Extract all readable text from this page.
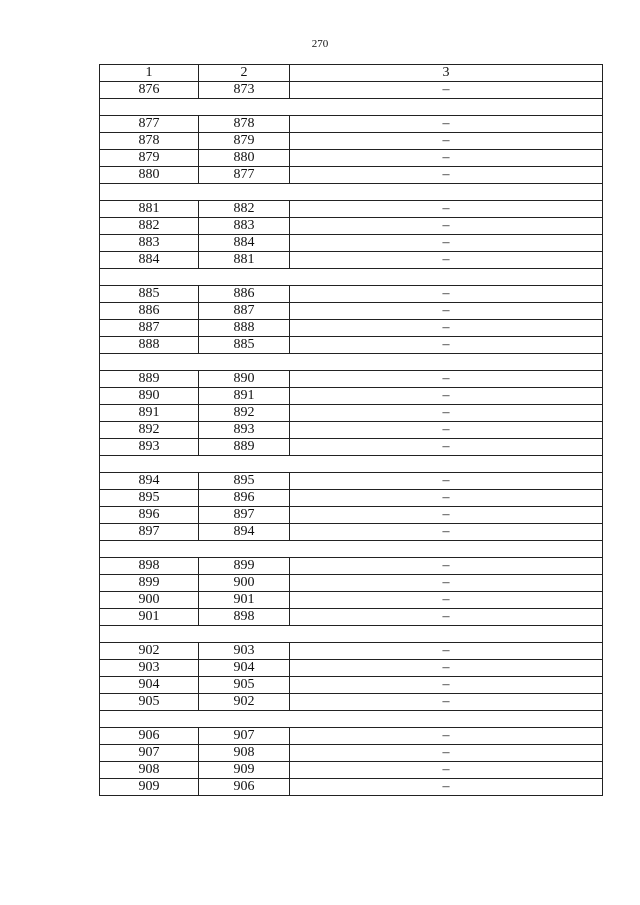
270
1	2	3
876	873	–

877	878	–
878	879	–
879	880	–
880	877	–

881	882	–
882	883	–
883	884	–
884	881	–

885	886	–
886	887	–
887	888	–
888	885	–

889	890	–
890	891	–
891	892	–
892	893	–
893	889	–

894	895	–
895	896	–
896	897	–
897	894	–

898	899	–
899	900	–
900	901	–
901	898	–

902	903	–
903	904	–
904	905	–
905	902	–

906	907	–
907	908	–
908	909	–
909	906	–
